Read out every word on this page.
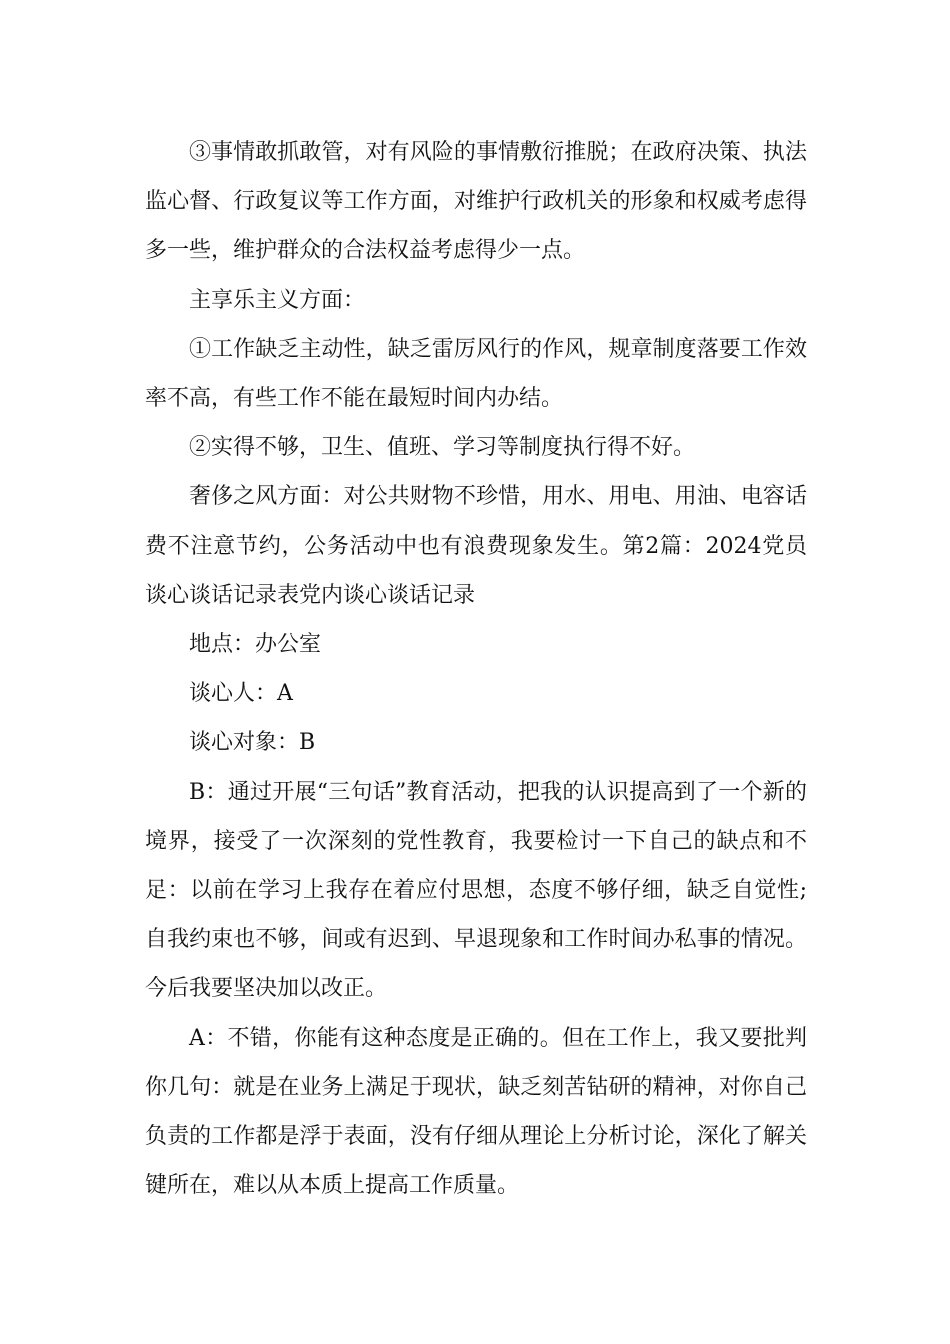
③事情敢抓敢管，对有风险的事情敷衍推脱；在政府决策、执法监心督、行政复议等工作方面，对维护行政机关的形象和权威考虑得多一些，维护群众的合法权益考虑得少一点。

主享乐主义方面：

①工作缺乏主动性，缺乏雷厉风行的作风，规章制度落要工作效率不高，有些工作不能在最短时间内办结。

②实得不够，卫生、值班、学习等制度执行得不好。

奢侈之风方面：对公共财物不珍惜，用水、用电、用油、电容话费不注意节约，公务活动中也有浪费现象发生。第2篇：2024党员谈心谈话记录表党内谈心谈话记录

地点：办公室

谈心人：A

谈心对象：B

B：通过开展“三句话”教育活动，把我的认识提高到了一个新的境界，接受了一次深刻的党性教育，我要检讨一下自己的缺点和不足：以前在学习上我存在着应付思想，态度不够仔细，缺乏自觉性;自我约束也不够，间或有迟到、早退现象和工作时间办私事的情况。今后我要坚决加以改正。

A：不错，你能有这种态度是正确的。但在工作上，我又要批判你几句：就是在业务上满足于现状，缺乏刻苦钻研的精神，对你自己负责的工作都是浮于表面，没有仔细从理论上分析讨论，深化了解关键所在，难以从本质上提高工作质量。
